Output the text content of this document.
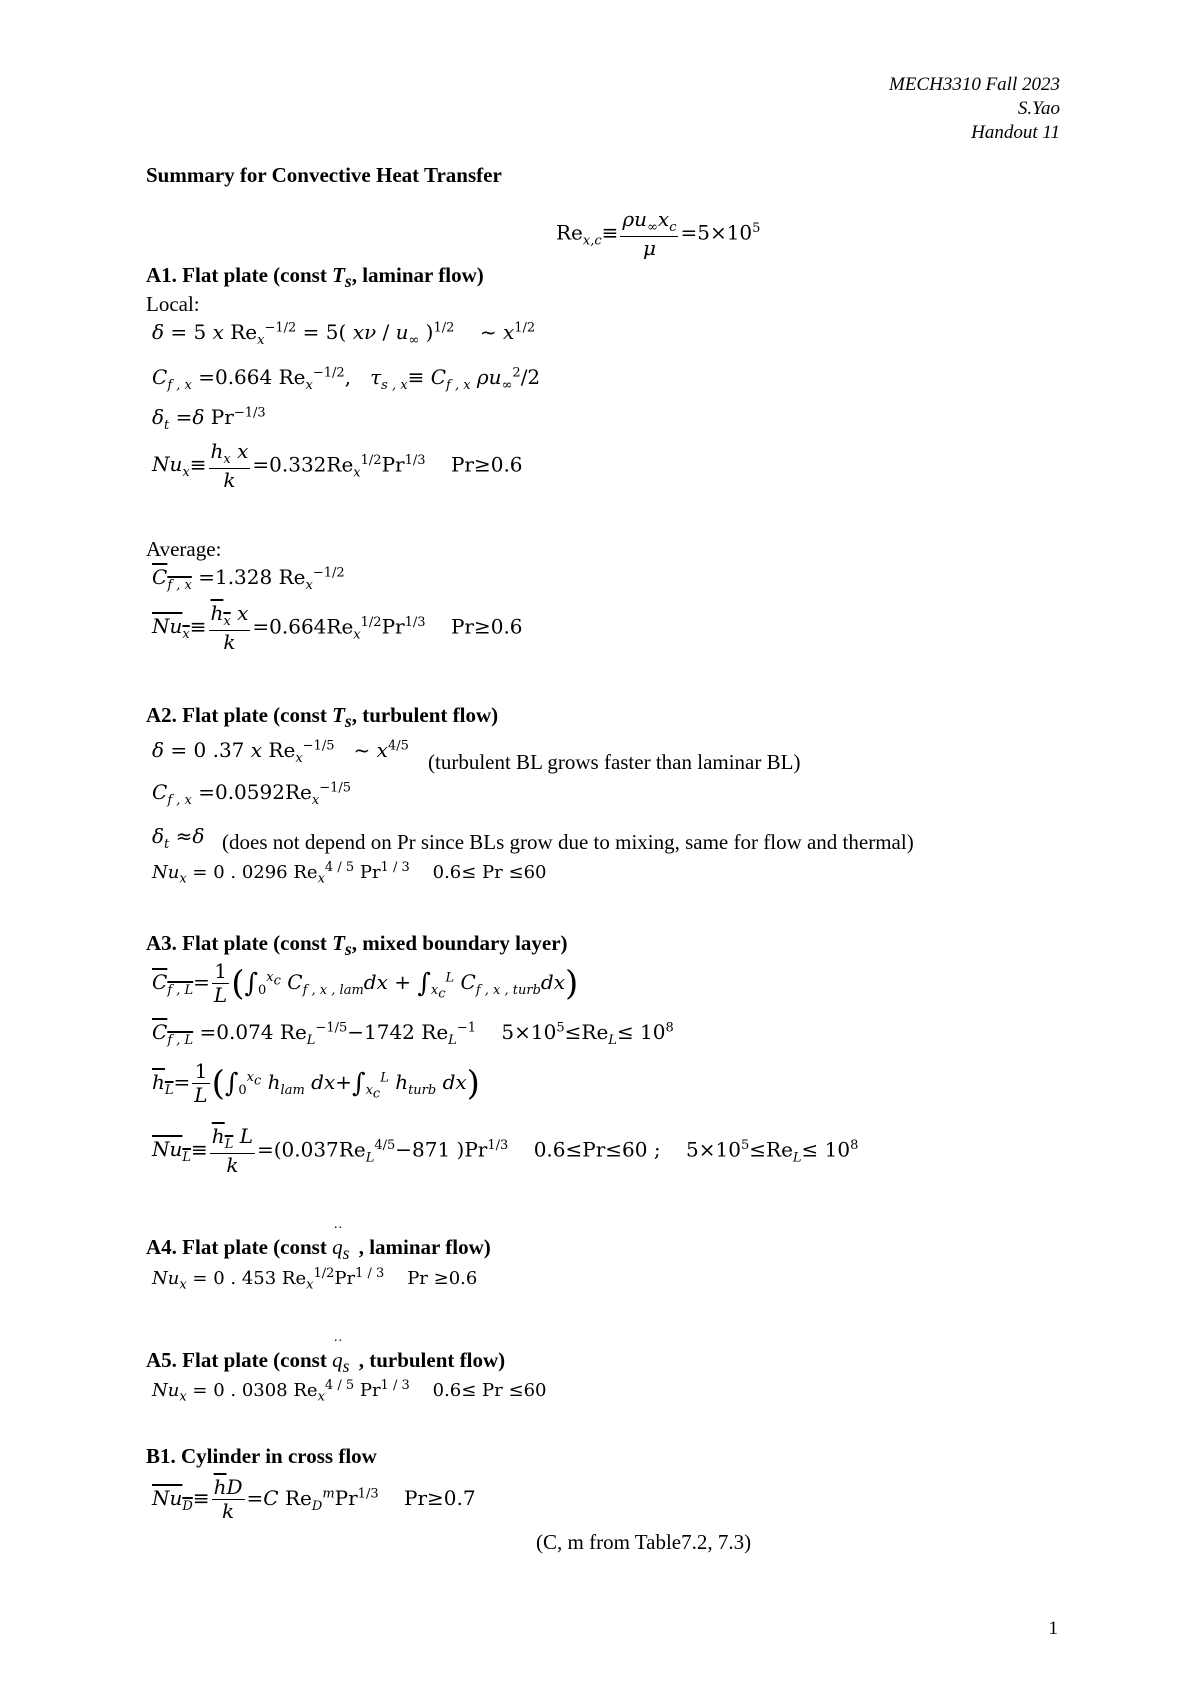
MECH3310 Fall 2023
S.Yao
Handout 11
Summary for Convective Heat Transfer
$Re_{x,c}\equiv \frac{\rho u_\infty x_c}{\mu} =5\times 10^5$
A1. Flat plate (const $T_s$, laminar flow)
Local:
δ = 5 x $Re_x^{-1/2} = 5$( xν / $u_\infty$ )$^{1/2}$    ~ $x^{1/2}$
$C_{f , x} =0.664$ $Re_x^{-1/2}$,   $\tau_{s , x}\equiv C_{f , x}$ $\rho u_\infty^2/2$
$\delta_t =\delta$ $Pr^{-1/3}$
$Nu_x\equiv \frac{h_x x}{k} =0.332Re_x^{1/2}Pr^{1/3}$ Pr≥0.6
Average:
$C_{f , x} =1.328$ $Re_x^{-1/2}$
$Nu_x\equiv \frac{h_x x}{k} =0.664Re_x^{1/2}Pr^{1/3}$    Pr≥0.6
A2. Flat plate (const $T_s$, turbulent flow)
δ = 0 .37 x $Re_x^{-1/5}$   ~ $x^{4/5}$
(turbulent BL grows faster than laminar BL)
$C_{f , x} =0.0592Re_x^{-1/5}$
$\delta_t \approx\delta$ (does not depend on Pr since BLs grow due to mixing, same for flow and thermal)
$Nu_x = 0$ . 0296 $Re_x^{4 / 5}$ $Pr^{1 / 3}$ 0.6≤ Pr ≤60
A3. Flat plate (const $T_s$, mixed boundary layer)
$C_{f , L}= \frac{1}{L} (\int_0^{x_c}$ $C_{f , x , lam}dx + \int_{x_c}^L$ $C_{f , x , turb}dx$)
$C_{f , L} =0.074$ $Re_L^{-1/5}-1742$ $Re_L^{-1}$    $5\times 10^5\le Re_L\le 10^8$
$h_L= \frac{1}{L} (\int_0^{x_c}$ $h_{lam}$ $dx+\int_{x_c}^L$ $h_{turb}$ dx)
$Nu_L\equiv \frac{h_L L}{k} =(0.037Re_L^{4/5}-871$ )$Pr^{1/3}$    0.6≤Pr≤60 ;    $5\times 10^5\le Re_L\le 10^8$
A4. Flat plate (const $q_s^{\cdot\cdot}$, laminar flow)
$Nu_x = 0$ . 453 $Re_x^{1/2}Pr^{1 / 3}$ Pr ≥0.6
A5. Flat plate (const $q_s^{\cdot\cdot}$, turbulent flow)
$Nu_x = 0$ . 0308 $Re_x^{4 / 5}$ $Pr^{1 / 3}$ 0.6≤ Pr ≤60
B1. Cylinder in cross flow
$Nu_D\equiv \frac{\overline{h}D}{k} =C$ $Re_D^mPr^{1/3}$ Pr≥0.7
(C, m from Table7.2, 7.3)
1
